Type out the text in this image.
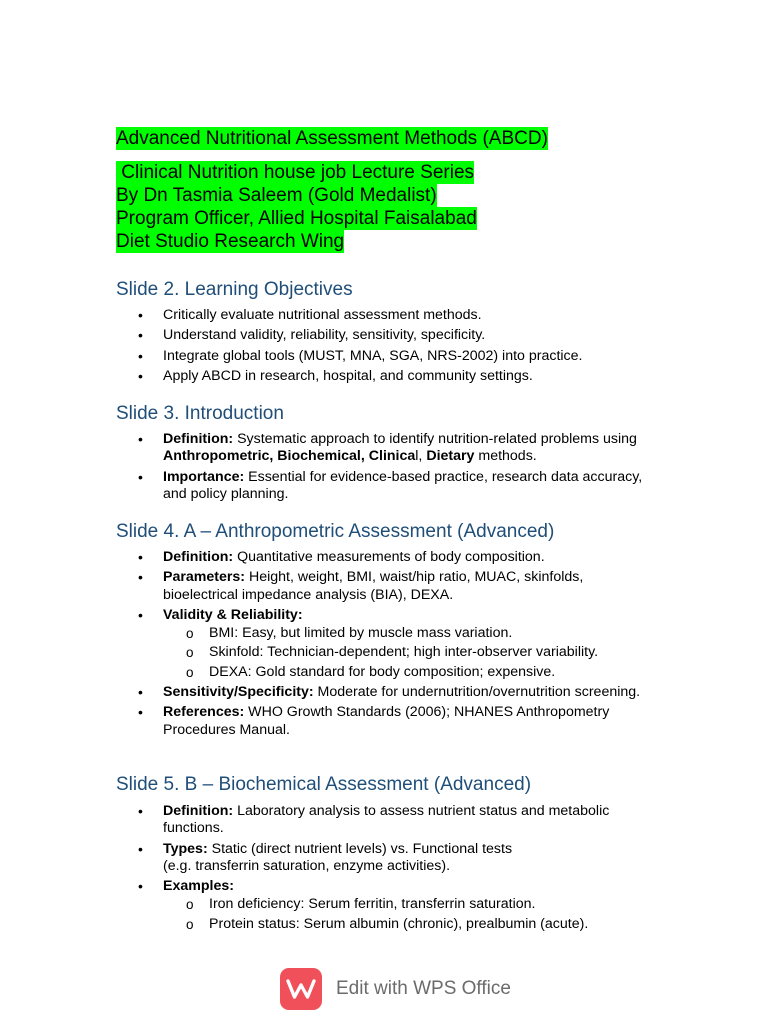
Advanced Nutritional Assessment Methods (ABCD)
Clinical Nutrition house job Lecture Series
By Dn Tasmia Saleem (Gold Medalist)
Program Officer, Allied Hospital Faisalabad
Diet Studio Research Wing
Slide 2. Learning Objectives
• Critically evaluate nutritional assessment methods.
• Understand validity, reliability, sensitivity, specificity.
• Integrate global tools (MUST, MNA, SGA, NRS-2002) into practice.
• Apply ABCD in research, hospital, and community settings.
Slide 3. Introduction
• Definition: Systematic approach to identify nutrition-related problems using Anthropometric, Biochemical, Clinical, Dietary methods.
• Importance: Essential for evidence-based practice, research data accuracy, and policy planning.
Slide 4. A – Anthropometric Assessment (Advanced)
• Definition: Quantitative measurements of body composition.
• Parameters: Height, weight, BMI, waist/hip ratio, MUAC, skinfolds, bioelectrical impedance analysis (BIA), DEXA.
• Validity & Reliability:
o BMI: Easy, but limited by muscle mass variation.
o Skinfold: Technician-dependent; high inter-observer variability.
o DEXA: Gold standard for body composition; expensive.
• Sensitivity/Specificity: Moderate for undernutrition/overnutrition screening.
• References: WHO Growth Standards (2006); NHANES Anthropometry Procedures Manual.
Slide 5. B – Biochemical Assessment (Advanced)
• Definition: Laboratory analysis to assess nutrient status and metabolic functions.
• Types: Static (direct nutrient levels) vs. Functional tests
(e.g. transferrin saturation, enzyme activities).
• Examples:
o Iron deficiency: Serum ferritin, transferrin saturation.
o Protein status: Serum albumin (chronic), prealbumin (acute).
Edit with WPS Office
